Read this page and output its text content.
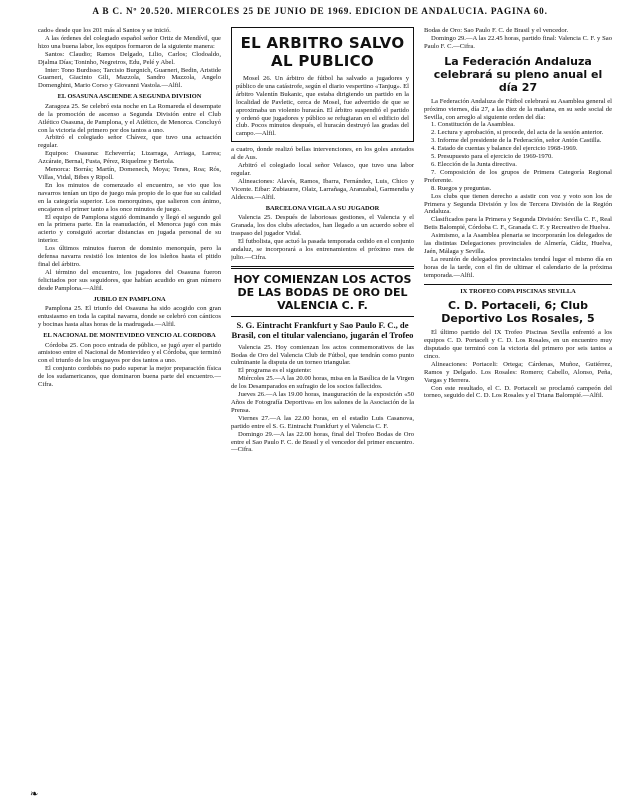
A B C. Nº 20.520. MIERCOLES 25 DE JUNIO DE 1969. EDICION DE ANDALUCIA. PAGINA 60.

cado» desde que los 201 más al Santos y se inició.

A las órdenes del colegiado español señor Ortiz de Mendívil, que hizo una buena labor, los equipos formaron de la siguiente manera:

Santos: Claudio; Ramos Delgado, Lilio, Carlos; Clodoaldo, Djalma Días; Toninho, Negreiros, Edu, Pelé y Abel.

Inter: Tono Burdisso; Tarcisio Burgnich, Guarneri, Bedin, Aristide Guarneri, Giacinto Gili, Mazzola, Sandro Mazzola, Angelo Domenghini, Mario Corso y Giovanni Vastola.—Alfil.

EL OSASUNA ASCIENDE A SEGUNDA DIVISION

Zaragoza 25. Se celebró esta noche en La Romareda el desempate de la promoción de ascenso a Segunda División entre el Club Atlético Osasuna, de Pamplona, y el Atlético, de Menorca. Concluyó con la victoria del primero por dos tantos a uno.

Arbitró el colegiado señor Chávez, que tuvo una actuación regular.

Equipos: Osasuna: Echeverría; Lizarraga, Arriaga, Larrea; Azcárate, Bernal, Fusta, Pérez, Riquelme y Bertola.

Menorca: Borrás; Martín, Domenech, Moya; Tenes, Roa; Rós, Villas, Vidal, Bibes y Ripoll.

En los minutos de comenzado el encuentro, se vio que los navarros tenían un tipo de juego más propio de lo que fue su calidad en la categoría superior. Los menorquines, que salieron con ánimo, encajaron el primer tanto a los once minutos de juego.

El equipo de Pamplona siguió dominando y llegó el segundo gol en la primera parte. En la reanudación, el Menorca jugó con más acierto y consiguió acortar distancias en jugada personal de su interior.

Los últimos minutos fueron de dominio menorquín, pero la defensa navarra resistió los intentos de los isleños hasta el pitido final del árbitro.

Al término del encuentro, los jugadores del Osasuna fueron felicitados por sus seguidores, que habían acudido en gran número desde Pamplona.—Alfil.

JUBILO EN PAMPLONA

Pamplona 25. El triunfo del Osasuna ha sido acogido con gran entusiasmo en toda la capital navarra, donde se celebró con cánticos y bocinas hasta altas horas de la madrugada.—Alfil.

EL NACIONAL DE MONTEVIDEO VENCIO AL CORDOBA

Córdoba 25. Con poco entrada de público, se jugó ayer el partido amistoso entre el Nacional de Montevideo y el Córdoba, que terminó con el triunfo de los uruguayos por dos tantos a uno.

El conjunto cordobés no pudo superar la mejor preparación física de los sudamericanos, que dominaron buena parte del encuentro.—Cifra.

EL ARBITRO SALVO AL PUBLICO

Mosel 26. Un árbitro de fútbol ha salvado a jugadores y público de una catástrofe, según el diario vespertino «Tanjug». El árbitro Valentín Bukanic, que estaba dirigiendo un partido en la localidad de Pavletic, cerca de Mosel, fue advertido de que se aproximaba un violento huracán. El árbitro suspendió el partido y ordenó que jugadores y público se refugiaran en el edificio del club. Pocos minutos después, el huracán destruyó las gradas del campo.—Alfil.

a cuatro, donde realizó bellas intervenciones, en los goles anotados al de Aus.

Arbitró el colegiado local señor Velasco, que tuvo una labor regular.

Alineaciones: Alavés, Ramos, Ibarra, Fernández, Luis, Chico y Vicente. Eibar: Zubiaurre, Olaiz, Larrañaga, Aranzabal, Garmendia y Aldecoa.—Alfil.

BARCELONA VIGILA A SU JUGADOR

Valencia 25. Después de laboriosas gestiones, el Valencia y el Granada, los dos clubs afectados, han llegado a un acuerdo sobre el traspaso del jugador Vidal.

El futbolista, que actuó la pasada temporada cedido en el conjunto andaluz, se incorporará a los entrenamientos el próximo mes de julio.—Cifra.

HOY COMIENZAN LOS ACTOS DE LAS BODAS DE ORO DEL VALENCIA C. F.
S. G. Eintracht Frankfurt y Sao Paulo F. C., de Brasil, con el titular valenciano, jugarán el Trofeo

Valencia 25. Hoy comienzan los actos conmemorativos de las Bodas de Oro del Valencia Club de Fútbol, que tendrán como punto culminante la disputa de un torneo triangular.

El programa es el siguiente:

Miércoles 25.—A las 20.00 horas, misa en la Basílica de la Virgen de los Desamparados en sufragio de los socios fallecidos.

Jueves 26.—A las 19.00 horas, inauguración de la exposición «50 Años de Fotografía Deportiva» en los salones de la Asociación de la Prensa.

Viernes 27.—A las 22.00 horas, en el estadio Luis Casanova, partido entre el S. G. Eintracht Frankfurt y el Valencia C. F.

Domingo 29.—A las 22.00 horas, final del Trofeo Bodas de Oro entre el Sao Paulo F. C. de Brasil y el vencedor del primer encuentro.—Cifra.

Bodas de Oro: Sao Paulo F. C. de Brasil y el vencedor.

Domingo 29.—A las 22.45 horas, partido final: Valencia C. F. y Sao Paulo F. C.—Cifra.

La Federación Andaluza celebrará su pleno anual el día 27

La Federación Andaluza de Fútbol celebrará su Asamblea general el próximo viernes, día 27, a las diez de la mañana, en su sede social de Sevilla, con arreglo al siguiente orden del día:

1. Constitución de la Asamblea.

2. Lectura y aprobación, si procede, del acta de la sesión anterior.

3. Informe del presidente de la Federación, señor Antón Castilla.

4. Estado de cuentas y balance del ejercicio 1968-1969.

5. Presupuesto para el ejercicio de 1969-1970.

6. Elección de la Junta directiva.

7. Composición de los grupos de Primera Categoría Regional Preferente.

8. Ruegos y preguntas.

Los clubs que tienen derecho a asistir con voz y voto son los de Primera y Segunda División y los de Tercera División de la Región Andaluza.

Clasificados para la Primera y Segunda División: Sevilla C. F., Real Betis Balompié, Córdoba C. F., Granada C. F. y Recreativo de Huelva.

Asimismo, a la Asamblea plenaria se incorporarán los delegados de las distintas Delegaciones provinciales de Almería, Cádiz, Huelva, Jaén, Málaga y Sevilla.

La reunión de delegados provinciales tendrá lugar el mismo día en horas de la tarde, con el fin de ultimar el calendario de la próxima temporada.—Alfil.

IX TROFEO COPA PISCINAS SEVILLA
C. D. Portaceli, 6; Club Deportivo Los Rosales, 5

El último partido del IX Trofeo Piscinas Sevilla enfrentó a los equipos C. D. Portaceli y C. D. Los Rosales, en un encuentro muy disputado que terminó con la victoria del primero por seis tantos a cinco.

Alineaciones: Portaceli: Ortega; Cárdenas, Muñoz, Gutiérrez, Ramos y Delgado. Los Rosales: Romero; Cabello, Alonso, Peña, Vargas y Herrera.

Con este resultado, el C. D. Portaceli se proclamó campeón del torneo, seguido del C. D. Los Rosales y el Triana Balompié.—Alfil.

❧
